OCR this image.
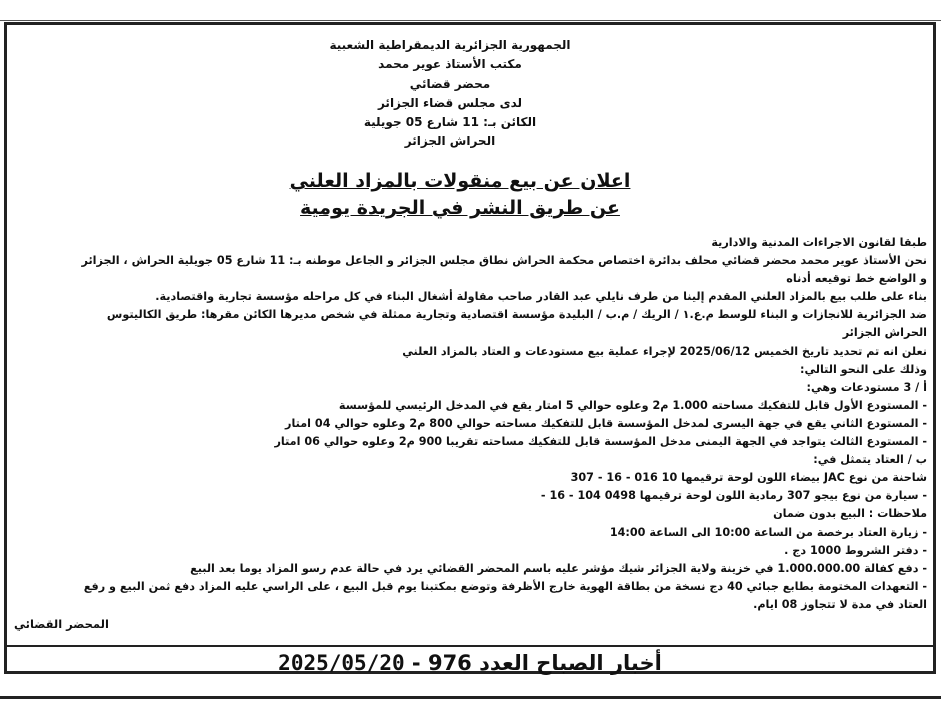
الجمهورية الجزائرية الديمقراطية الشعبية
مكتب الأستاذ عوير محمد
محضر قضائي
لدى مجلس قضاء الجزائر
الكائن بـ: 11 شارع 05 جويلية
الحراش الجزائر
اعلان عن بيع منقولات بالمزاد العلني
عن طريق النشر في الجريدة يومية

طبقا لقانون الاجراءات المدنية والادارية

نحن الأستاذ عوير محمد محضر قضائي محلف بدائرة اختصاص محكمة الحراش نطاق مجلس الجزائر و الجاعل موطنه بـ: 11 شارع 05 جويلية الحراش ، الجزائر

و الواضع خط توقيعه أدناه

بناء على طلب بيع بالمزاد العلني المقدم إلينا من طرف نايلي عبد القادر صاحب مقاولة أشغال البناء في كل مراحله مؤسسة تجارية واقتصادية.

ضد الجزائرية للانجازات و البناء للوسط م.ع.١ / الريك / م.ب / البليدة مؤسسة اقتصادية وتجارية ممثلة في شخص مديرها الكائن مقرها: طريق الكاليتوس

الحراش الجزائر

نعلن انه تم تحديد تاريخ الخميس 2025/06/12 لإجراء عملية بيع مستودعات و العتاد بالمزاد العلني

وذلك على النحو التالي:

أ / 3 مستودعات وهي:

- المستودع الأول قابل للتفكيك مساحته 1.000 م2 وعلوه حوالي 5 امتار يقع في المدخل الرئيسي للمؤسسة

- المستودع الثاني يقع في جهة اليسرى لمدخل المؤسسة قابل للتفكيك مساحته حوالي 800 م2 وعلوه حوالي 04 امتار

- المستودع الثالث يتواجد في الجهة اليمنى مدخل المؤسسة قابل للتفكيك مساحته تقريبا 900 م2 وعلوه حوالي 06 امتار

ب / العتاد يتمثل في:

شاحنة من نوع JAC بيضاء اللون لوحة ترقيمها 10 016 - 16 - 307

- سيارة من نوع بيجو 307 رمادية اللون لوحة ترقيمها 0498 104 - 16 -

ملاحظات : البيع بدون ضمان

- زيارة العتاد برخصة من الساعة 10:00 الى الساعة 14:00

- دفتر الشروط 1000 دج .

- دفع كفالة 1.000.000.00 في خزينة ولاية الجزائر شيك مؤشر عليه باسم المحضر القضائي يرد في حالة عدم رسو المزاد يوما بعد البيع

- التعهدات المختومة بطابع جبائي 40 دج نسخة من بطاقة الهوية خارج الأظرفة وتوضع بمكتبنا يوم قبل البيع ، على الراسي عليه المزاد دفع ثمن البيع و رفع

العتاد في مدة لا تتجاوز 08 ايام.

المحضر القضائي
أخبار الصباح العدد 976 - 2025/05/20
